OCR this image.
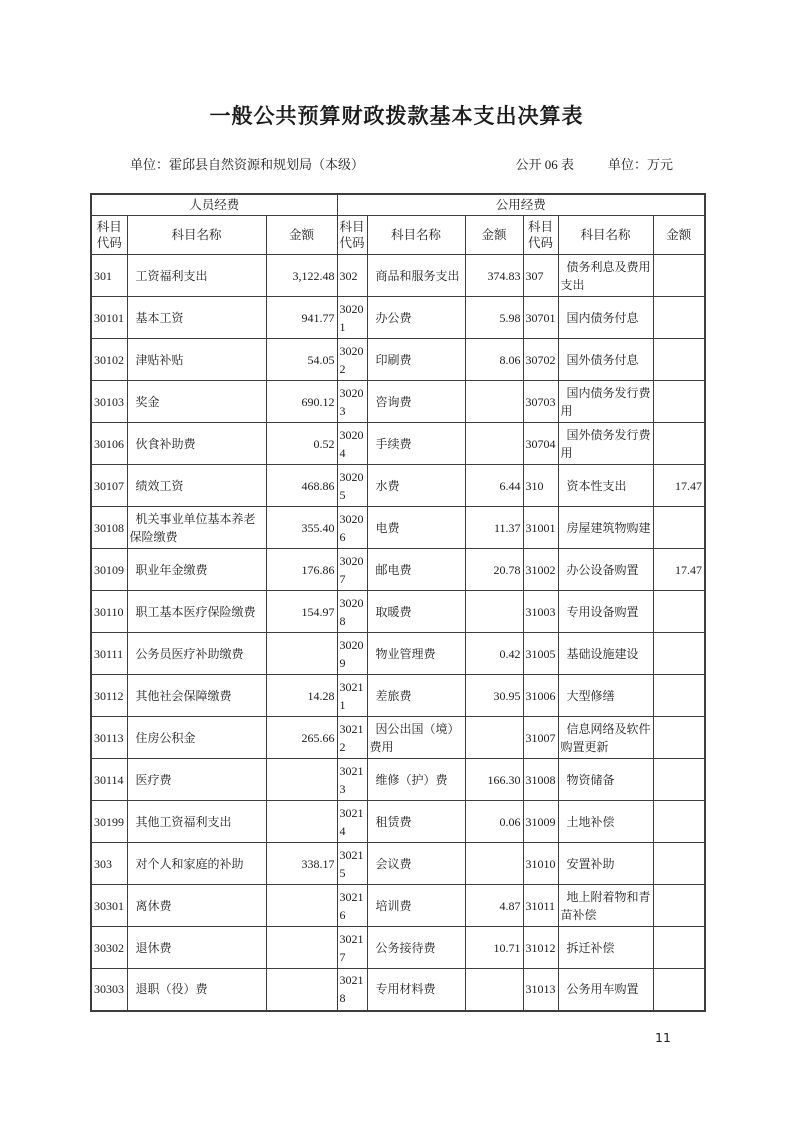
一般公共预算财政拨款基本支出决算表
单位：霍邱县自然资源和规划局（本级）	公开 06 表	单位：万元
人员经费			公用经费					
科目代码	科目名称	金额	科目代码	科目名称	金额	科目代码	科目名称	金额
301	工资福利支出	3,122.48	302	商品和服务支出	374.83	307	债务利息及费用支出	
30101	基本工资	941.77	30201	办公费	5.98	30701	国内债务付息	
30102	津贴补贴	54.05	30202	印刷费	8.06	30702	国外债务付息	
30103	奖金	690.12	30203	咨询费		30703	国内债务发行费用	
30106	伙食补助费	0.52	30204	手续费		30704	国外债务发行费用	
30107	绩效工资	468.86	30205	水费	6.44	310	资本性支出	17.47
30108	机关事业单位基本养老保险缴费	355.40	30206	电费	11.37	31001	房屋建筑物购建	
30109	职业年金缴费	176.86	30207	邮电费	20.78	31002	办公设备购置	17.47
30110	职工基本医疗保险缴费	154.97	30208	取暖费		31003	专用设备购置	
30111	公务员医疗补助缴费		30209	物业管理费	0.42	31005	基础设施建设	
30112	其他社会保障缴费	14.28	30211	差旅费	30.95	31006	大型修缮	
30113	住房公积金	265.66	30212	因公出国（境）费用		31007	信息网络及软件购置更新	
30114	医疗费		30213	维修（护）费	166.30	31008	物资储备	
30199	其他工资福利支出		30214	租赁费	0.06	31009	土地补偿	
303	对个人和家庭的补助	338.17	30215	会议费		31010	安置补助	
30301	离休费		30216	培训费	4.87	31011	地上附着物和青苗补偿	
30302	退休费		30217	公务接待费	10.71	31012	拆迁补偿	
30303	退职（役）费		30218	专用材料费		31013	公务用车购置	
11
